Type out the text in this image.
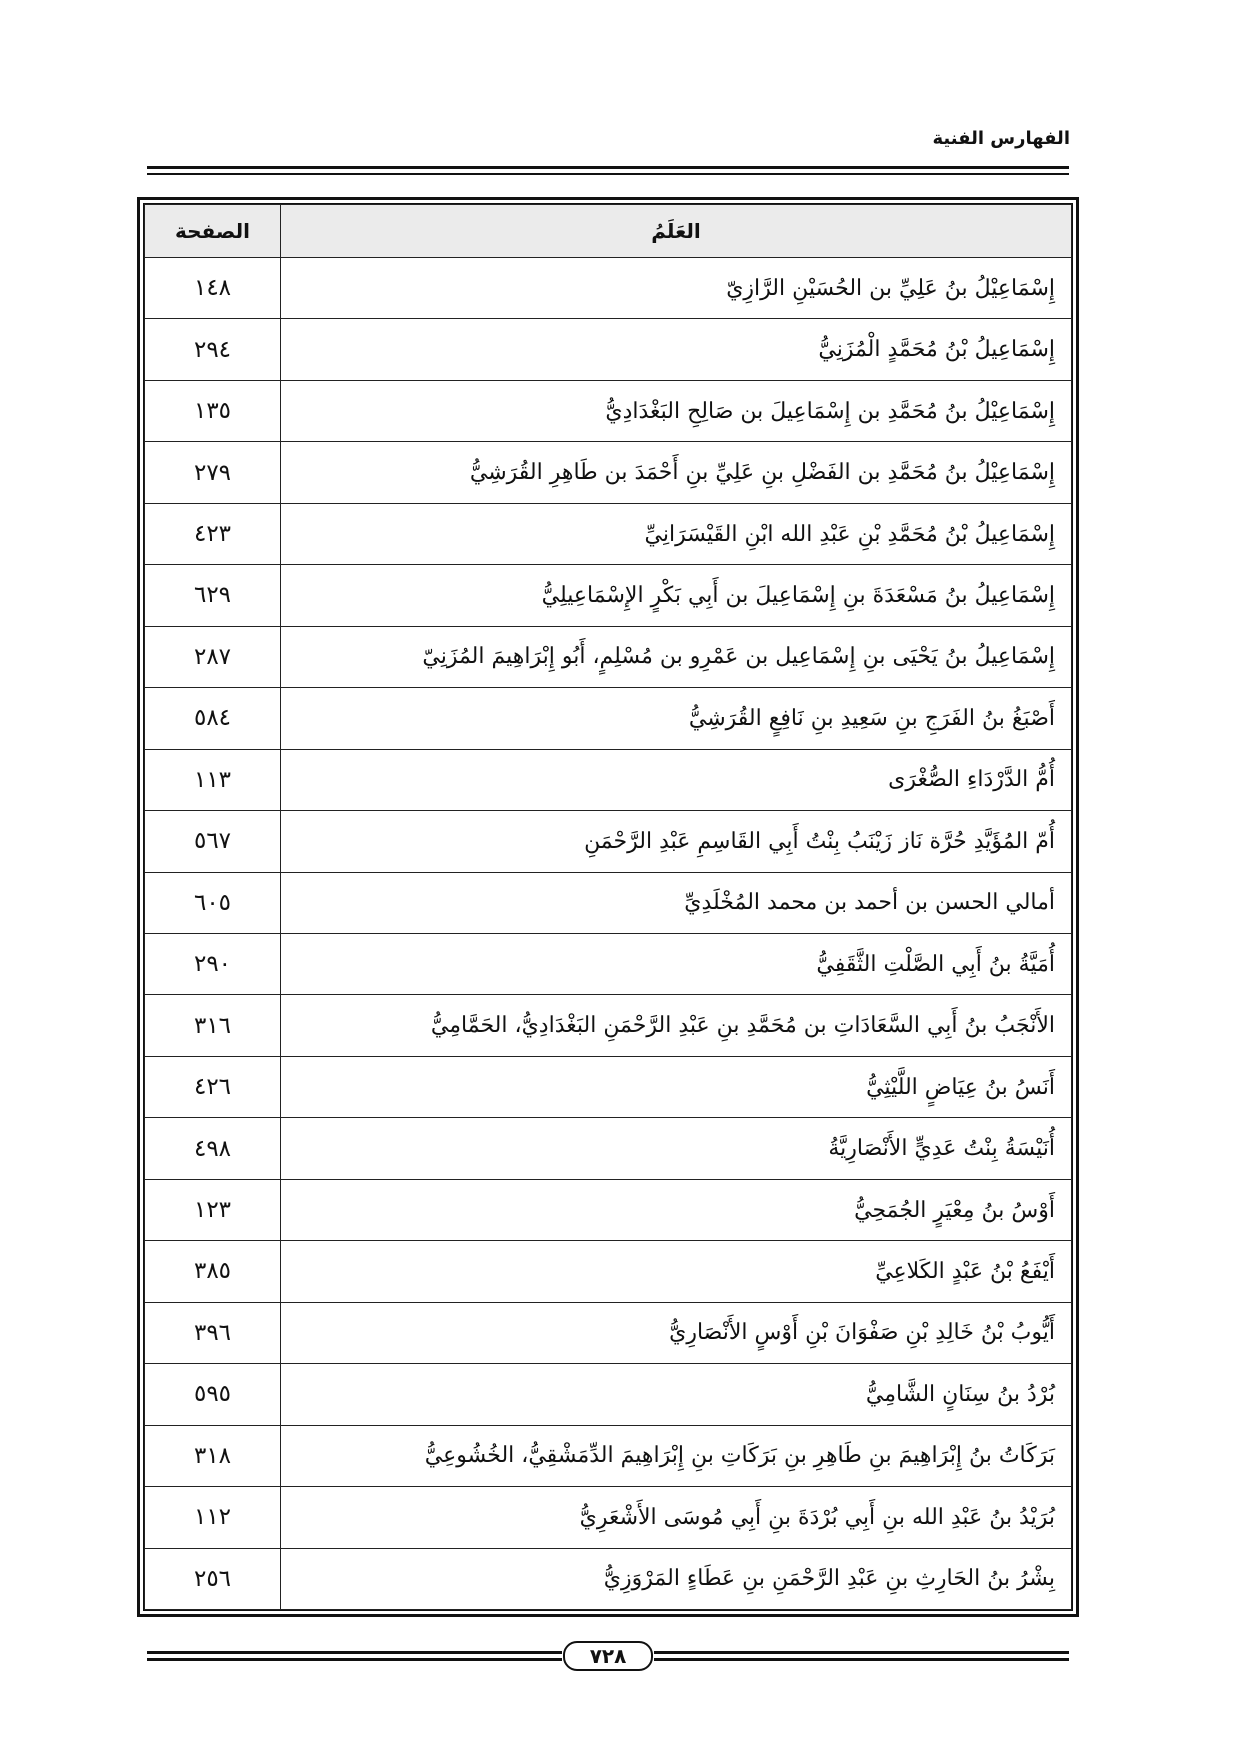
الفهارس الفنية
العَلَمُ	الصفحة
إِسْمَاعِيْلُ بنُ عَلِيِّ بن الحُسَيْنِ الرَّازِيّ	١٤٨
إِسْمَاعِيلُ بْنُ مُحَمَّدٍ الْمُزَنِيُّ	٢٩٤
إِسْمَاعِيْلُ بنُ مُحَمَّدِ بن إِسْمَاعِيلَ بن صَالِحِ البَغْدَادِيُّ	١٣٥
إِسْمَاعِيْلُ بنُ مُحَمَّدِ بن الفَضْلِ بنِ عَلِيِّ بنِ أَحْمَدَ بن طَاهِرِ القُرَشِيُّ	٢٧٩
إِسْمَاعِيلُ بْنُ مُحَمَّدِ بْنِ عَبْدِ الله ابْنِ القَيْسَرَانِيِّ	٤٢٣
إِسْمَاعِيلُ بنُ مَسْعَدَةَ بنِ إِسْمَاعِيلَ بن أَبِي بَكْرٍ الإِسْمَاعِيلِيُّ	٦٢٩
إِسْمَاعِيلُ بنُ يَحْيَى بنِ إِسْمَاعِيل بن عَمْرِو بن مُسْلِمٍ، أَبُو إِبْرَاهِيمَ المُزَنِيّ	٢٨٧
أَصْبَغُ بنُ الفَرَجِ بنِ سَعِيدِ بنِ نَافِعٍ القُرَشِيُّ	٥٨٤
أُمُّ الدَّرْدَاءِ الصُّغْرَى	١١٣
أُمّ المُؤَيَّدِ حُرَّة نَاز زَيْنَبُ بِنْتُ أَبِي القَاسِمِ عَبْدِ الرَّحْمَنِ	٥٦٧
أمالي الحسن بن أحمد بن محمد المُخْلَدِيِّ	٦٠٥
أُمَيَّةُ بنُ أَبِي الصَّلْتِ الثَّقَفِيُّ	٢٩٠
الأَنْجَبُ بنُ أَبِي السَّعَادَاتِ بن مُحَمَّدِ بنِ عَبْدِ الرَّحْمَنِ البَغْدَادِيُّ، الحَمَّامِيُّ	٣١٦
أَنَسُ بنُ عِيَاضٍ اللَّيْثِيُّ	٤٢٦
أُنَيْسَةُ بِنْتُ عَدِيٍّ الأَنْصَارِيَّةُ	٤٩٨
أَوْسُ بنُ مِعْيَرٍ الجُمَحِيُّ	١٢٣
أَيْفَعُ بْنُ عَبْدٍ الكَلاعِيِّ	٣٨٥
أَيُّوبُ بْنُ خَالِدِ بْنِ صَفْوَانَ بْنِ أَوْسٍ الأَنْصَارِيُّ	٣٩٦
بُرْدُ بنُ سِنَانٍ الشَّامِيُّ	٥٩٥
بَرَكَاتُ بنُ إِبْرَاهِيمَ بنِ طَاهِرِ بنِ بَرَكَاتِ بنِ إِبْرَاهِيمَ الدِّمَشْقِيُّ، الخُشُوعِيُّ	٣١٨
بُرَيْدُ بنُ عَبْدِ الله بنِ أَبِي بُرْدَةَ بنِ أَبِي مُوسَى الأَشْعَرِيُّ	١١٢
بِشْرُ بنُ الحَارِثِ بنِ عَبْدِ الرَّحْمَنِ بنِ عَطَاءٍ المَرْوَزِيُّ	٢٥٦
٧٢٨
